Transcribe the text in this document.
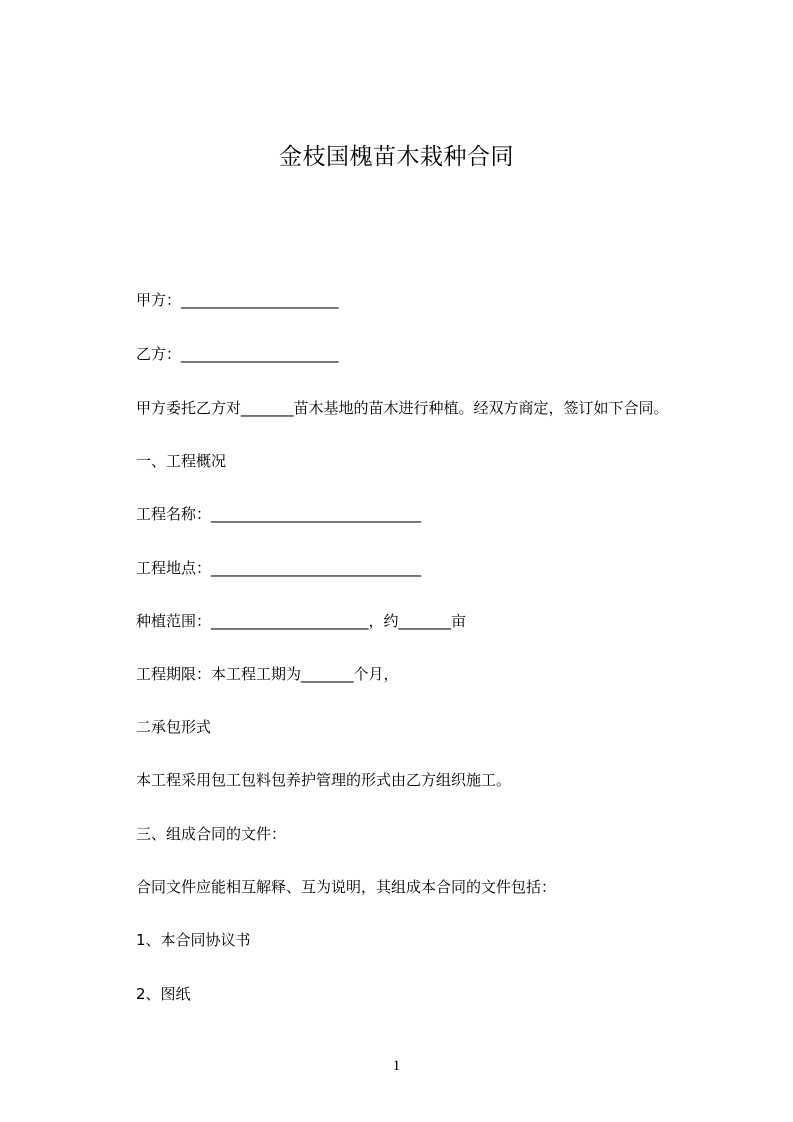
金枝国槐苗木栽种合同
甲方：_____________________
乙方：_____________________
甲方委托乙方对_______苗木基地的苗木进行种植。经双方商定，签订如下合同。
一、工程概况
工程名称：____________________________
工程地点：____________________________
种植范围：_____________________，约_______亩
工程期限：本工程工期为_______个月，
二承包形式
本工程采用包工包料包养护管理的形式由乙方组织施工。
三、组成合同的文件：
合同文件应能相互解释、互为说明，其组成本合同的文件包括：
1、本合同协议书
2、图纸
1
